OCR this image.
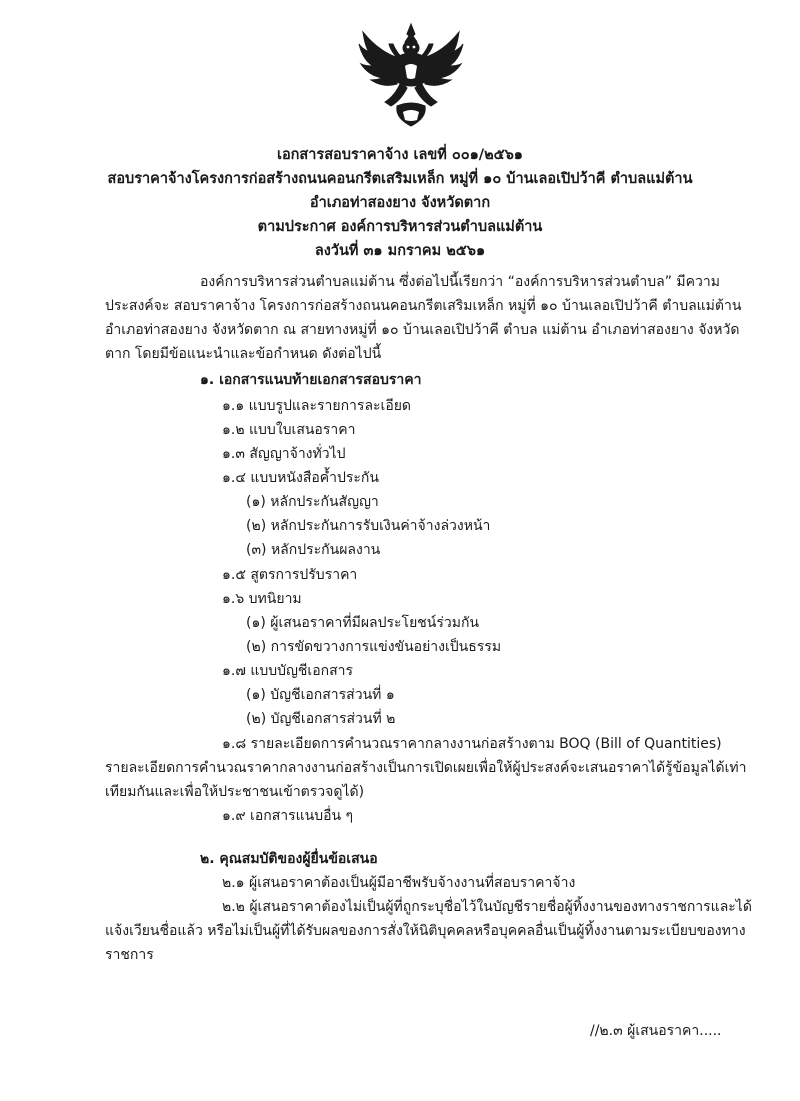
เอกสารสอบราคาจ้าง เลขที่ ๐๐๑/๒๕๖๑
สอบราคาจ้างโครงการก่อสร้างถนนคอนกรีตเสริมเหล็ก หมู่ที่ ๑๐ บ้านเลอเปิปว้าคี ตำบลแม่ต้าน
อำเภอท่าสองยาง จังหวัดตาก
ตามประกาศ องค์การบริหารส่วนตำบลแม่ต้าน
ลงวันที่ ๓๑ มกราคม ๒๕๖๑
องค์การบริหารส่วนตำบลแม่ต้าน ซึ่งต่อไปนี้เรียกว่า “องค์การบริหารส่วนตำบล” มีความ
ประสงค์จะ สอบราคาจ้าง โครงการก่อสร้างถนนคอนกรีตเสริมเหล็ก หมู่ที่ ๑๐ บ้านเลอเปิปว้าคี ตำบลแม่ต้าน
อำเภอท่าสองยาง จังหวัดตาก ณ สายทางหมู่ที่ ๑๐ บ้านเลอเปิปว้าคี ตำบล แม่ต้าน อำเภอท่าสองยาง จังหวัด
ตาก โดยมีข้อแนะนำและข้อกำหนด ดังต่อไปนี้
๑. เอกสารแนบท้ายเอกสารสอบราคา
๑.๑ แบบรูปและรายการละเอียด
๑.๒ แบบใบเสนอราคา
๑.๓ สัญญาจ้างทั่วไป
๑.๔ แบบหนังสือค้ำประกัน
(๑) หลักประกันสัญญา
(๒) หลักประกันการรับเงินค่าจ้างล่วงหน้า
(๓) หลักประกันผลงาน
๑.๕ สูตรการปรับราคา
๑.๖ บทนิยาม
(๑) ผู้เสนอราคาที่มีผลประโยชน์ร่วมกัน
(๒) การขัดขวางการแข่งขันอย่างเป็นธรรม
๑.๗ แบบบัญชีเอกสาร
(๑) บัญชีเอกสารส่วนที่ ๑
(๒) บัญชีเอกสารส่วนที่ ๒
๑.๘ รายละเอียดการคำนวณราคากลางงานก่อสร้างตาม BOQ (Bill of Quantities)
รายละเอียดการคำนวณราคากลางงานก่อสร้างเป็นการเปิดเผยเพื่อให้ผู้ประสงค์จะเสนอราคาได้รู้ข้อมูลได้เท่า
เทียมกันและเพื่อให้ประชาชนเข้าตรวจดูได้)
๑.๙ เอกสารแนบอื่น ๆ
๒. คุณสมบัติของผู้ยื่นข้อเสนอ
๒.๑ ผู้เสนอราคาต้องเป็นผู้มีอาชีพรับจ้างงานที่สอบราคาจ้าง
๒.๒ ผู้เสนอราคาต้องไม่เป็นผู้ที่ถูกระบุชื่อไว้ในบัญชีรายชื่อผู้ทิ้งงานของทางราชการและได้
แจ้งเวียนชื่อแล้ว หรือไม่เป็นผู้ที่ได้รับผลของการสั่งให้นิติบุคคลหรือบุคคลอื่นเป็นผู้ทิ้งงานตามระเบียบของทาง
ราชการ
//๒.๓ ผู้เสนอราคา.....
